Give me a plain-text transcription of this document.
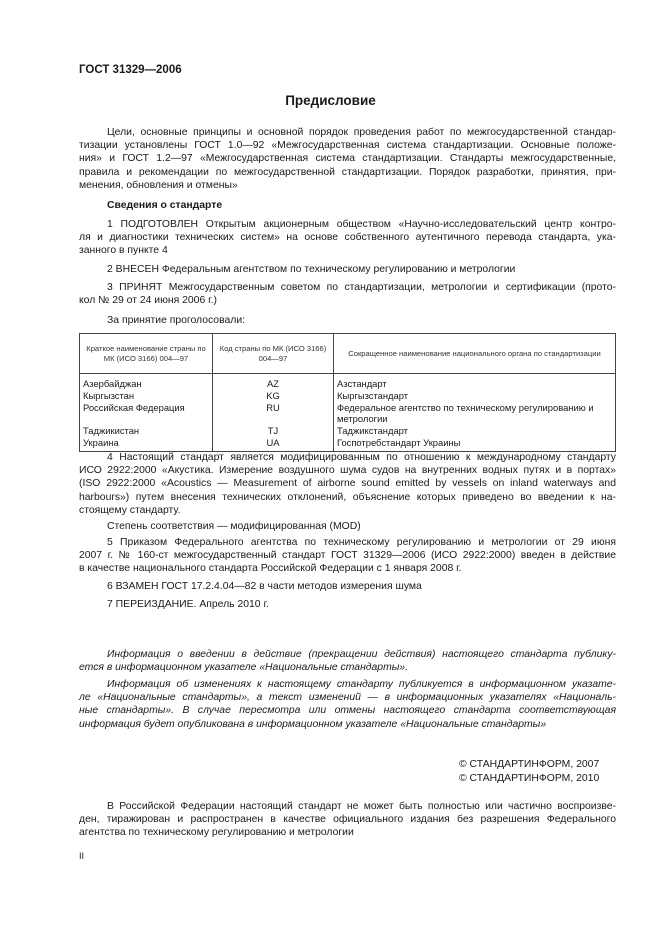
ГОСТ 31329—2006
Предисловие
Цели, основные принципы и основной порядок проведения работ по межгосударственной стандар-
тизации установлены ГОСТ 1.0—92 «Межгосударственная система стандартизации. Основные положе-
ния» и ГОСТ 1.2—97 «Межгосударственная система стандартизации. Стандарты межгосударственные,
правила и рекомендации по межгосударственной стандартизации. Порядок разработки, принятия, при-
менения, обновления и отмены»
Сведения о стандарте
1 ПОДГОТОВЛЕН Открытым акционерным обществом «Научно-исследовательский центр контро-
ля и диагностики технических систем» на основе собственного аутентичного перевода стандарта, ука-
занного в пункте 4
2 ВНЕСЕН Федеральным агентством по техническому регулированию и метрологии
3 ПРИНЯТ Межгосударственным советом по стандартизации, метрологии и сертификации (прото-
кол № 29 от 24 июня 2006 г.)
За принятие проголосовали:
Краткое наименование страны по МК (ИСО 3166) 004—97	Код страны по МК (ИСО 3166) 004—97	Сокращенное наименование национального органа по стандартизации
Азербайджан	AZ	Азстандарт
Кыргызстан	KG	Кыргызстандарт
Российская Федерация	RU	Федеральное агентство по техническому регулированию и метрологии
Таджикистан	TJ	Таджикстандарт
Украина	UA	Госпотребстандарт Украины
4 Настоящий стандарт является модифицированным по отношению к международному стандарту
ИСО 2922:2000 «Акустика. Измерение воздушного шума судов на внутренних водных путях и в портах»
(ISO 2922:2000 «Acoustics — Measurement of airborne sound emitted by vessels on inland waterways and
harbours») путем внесения технических отклонений, объяснение которых приведено во введении к на-
стоящему стандарту.
Степень соответствия — модифицированная (MOD)
5 Приказом Федерального агентства по техническому регулированию и метрологии от 29 июня
2007 г. № 160-ст межгосударственный стандарт ГОСТ 31329—2006 (ИСО 2922:2000) введен в действие
в качестве национального стандарта Российской Федерации с 1 января 2008 г.
6 ВЗАМЕН ГОСТ 17.2.4.04—82 в части методов измерения шума
7 ПЕРЕИЗДАНИЕ. Апрель 2010 г.
Информация о введении в действие (прекращении действия) настоящего стандарта публику-
ется в информационном указателе «Национальные стандарты».
Информация об изменениях к настоящему стандарту публикуется в информационном указате-
ле «Национальные стандарты», а текст изменений — в информационных указателях «Националь-
ные стандарты». В случае пересмотра или отмены настоящего стандарта соответствующая
информация будет опубликована в информационном указателе «Национальные стандарты»
© СТАНДАРТИНФОРМ, 2007
© СТАНДАРТИНФОРМ, 2010
В Российской Федерации настоящий стандарт не может быть полностью или частично воспроизве-
ден, тиражирован и распространен в качестве официального издания без разрешения Федерального
агентства по техническому регулированию и метрологии
II
